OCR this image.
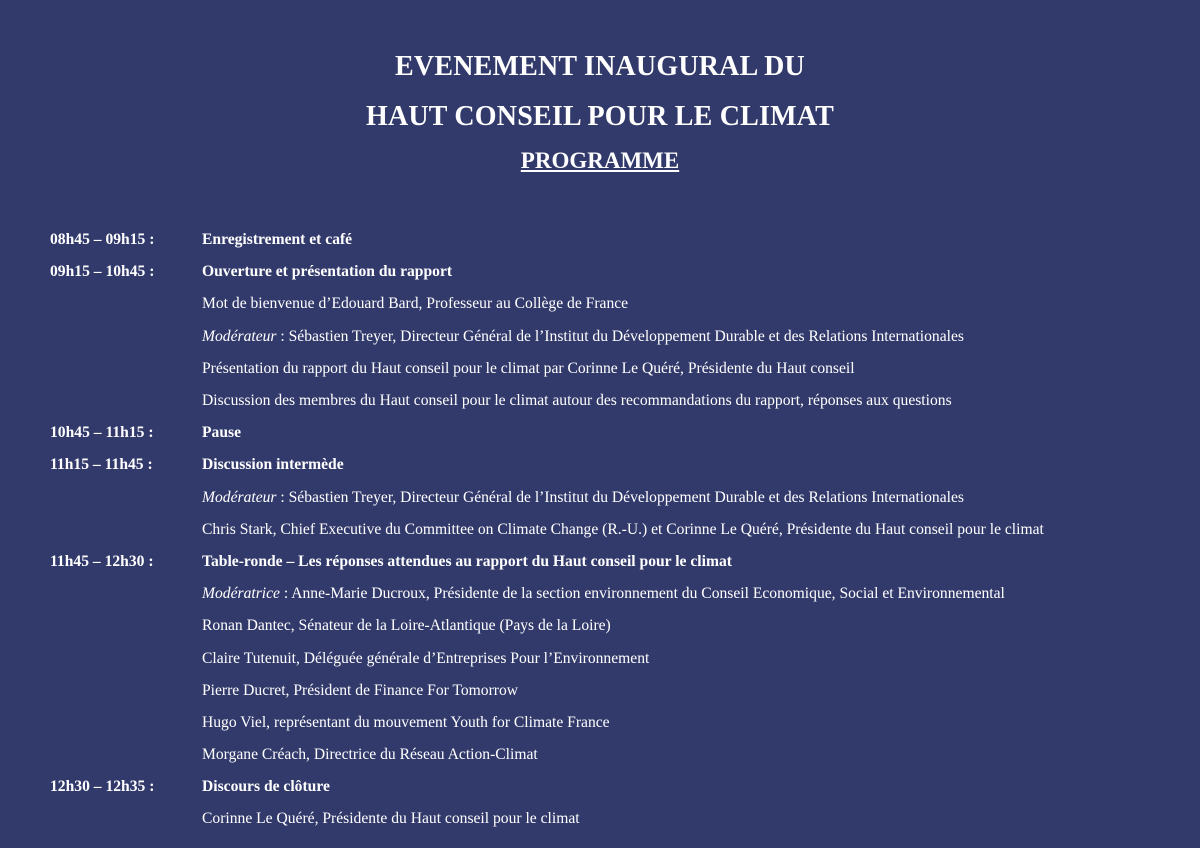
EVENEMENT INAUGURAL DU
HAUT CONSEIL POUR LE CLIMAT
PROGRAMME
08h45 – 09h15 :	Enregistrement et café
09h15 – 10h45 :	Ouverture et présentation du rapport
Mot de bienvenue d’Edouard Bard, Professeur au Collège de France
Modérateur : Sébastien Treyer, Directeur Général de l’Institut du Développement Durable et des Relations Internationales
Présentation du rapport du Haut conseil pour le climat par Corinne Le Quéré, Présidente du Haut conseil
Discussion des membres du Haut conseil pour le climat autour des recommandations du rapport, réponses aux questions
10h45 – 11h15 :	Pause
11h15 – 11h45 :	Discussion intermède
Modérateur : Sébastien Treyer, Directeur Général de l’Institut du Développement Durable et des Relations Internationales
Chris Stark, Chief Executive du Committee on Climate Change (R.-U.) et Corinne Le Quéré, Présidente du Haut conseil pour le climat
11h45 – 12h30 :	Table-ronde – Les réponses attendues au rapport du Haut conseil pour le climat
Modératrice : Anne-Marie Ducroux, Présidente de la section environnement du Conseil Economique, Social et Environnemental
Ronan Dantec, Sénateur de la Loire-Atlantique (Pays de la Loire)
Claire Tutenuit, Déléguée générale d’Entreprises Pour l’Environnement
Pierre Ducret, Président de Finance For Tomorrow
Hugo Viel, représentant du mouvement Youth for Climate France
Morgane Créach, Directrice du Réseau Action-Climat
12h30 – 12h35 :	Discours de clôture
Corinne Le Quéré, Présidente du Haut conseil pour le climat
